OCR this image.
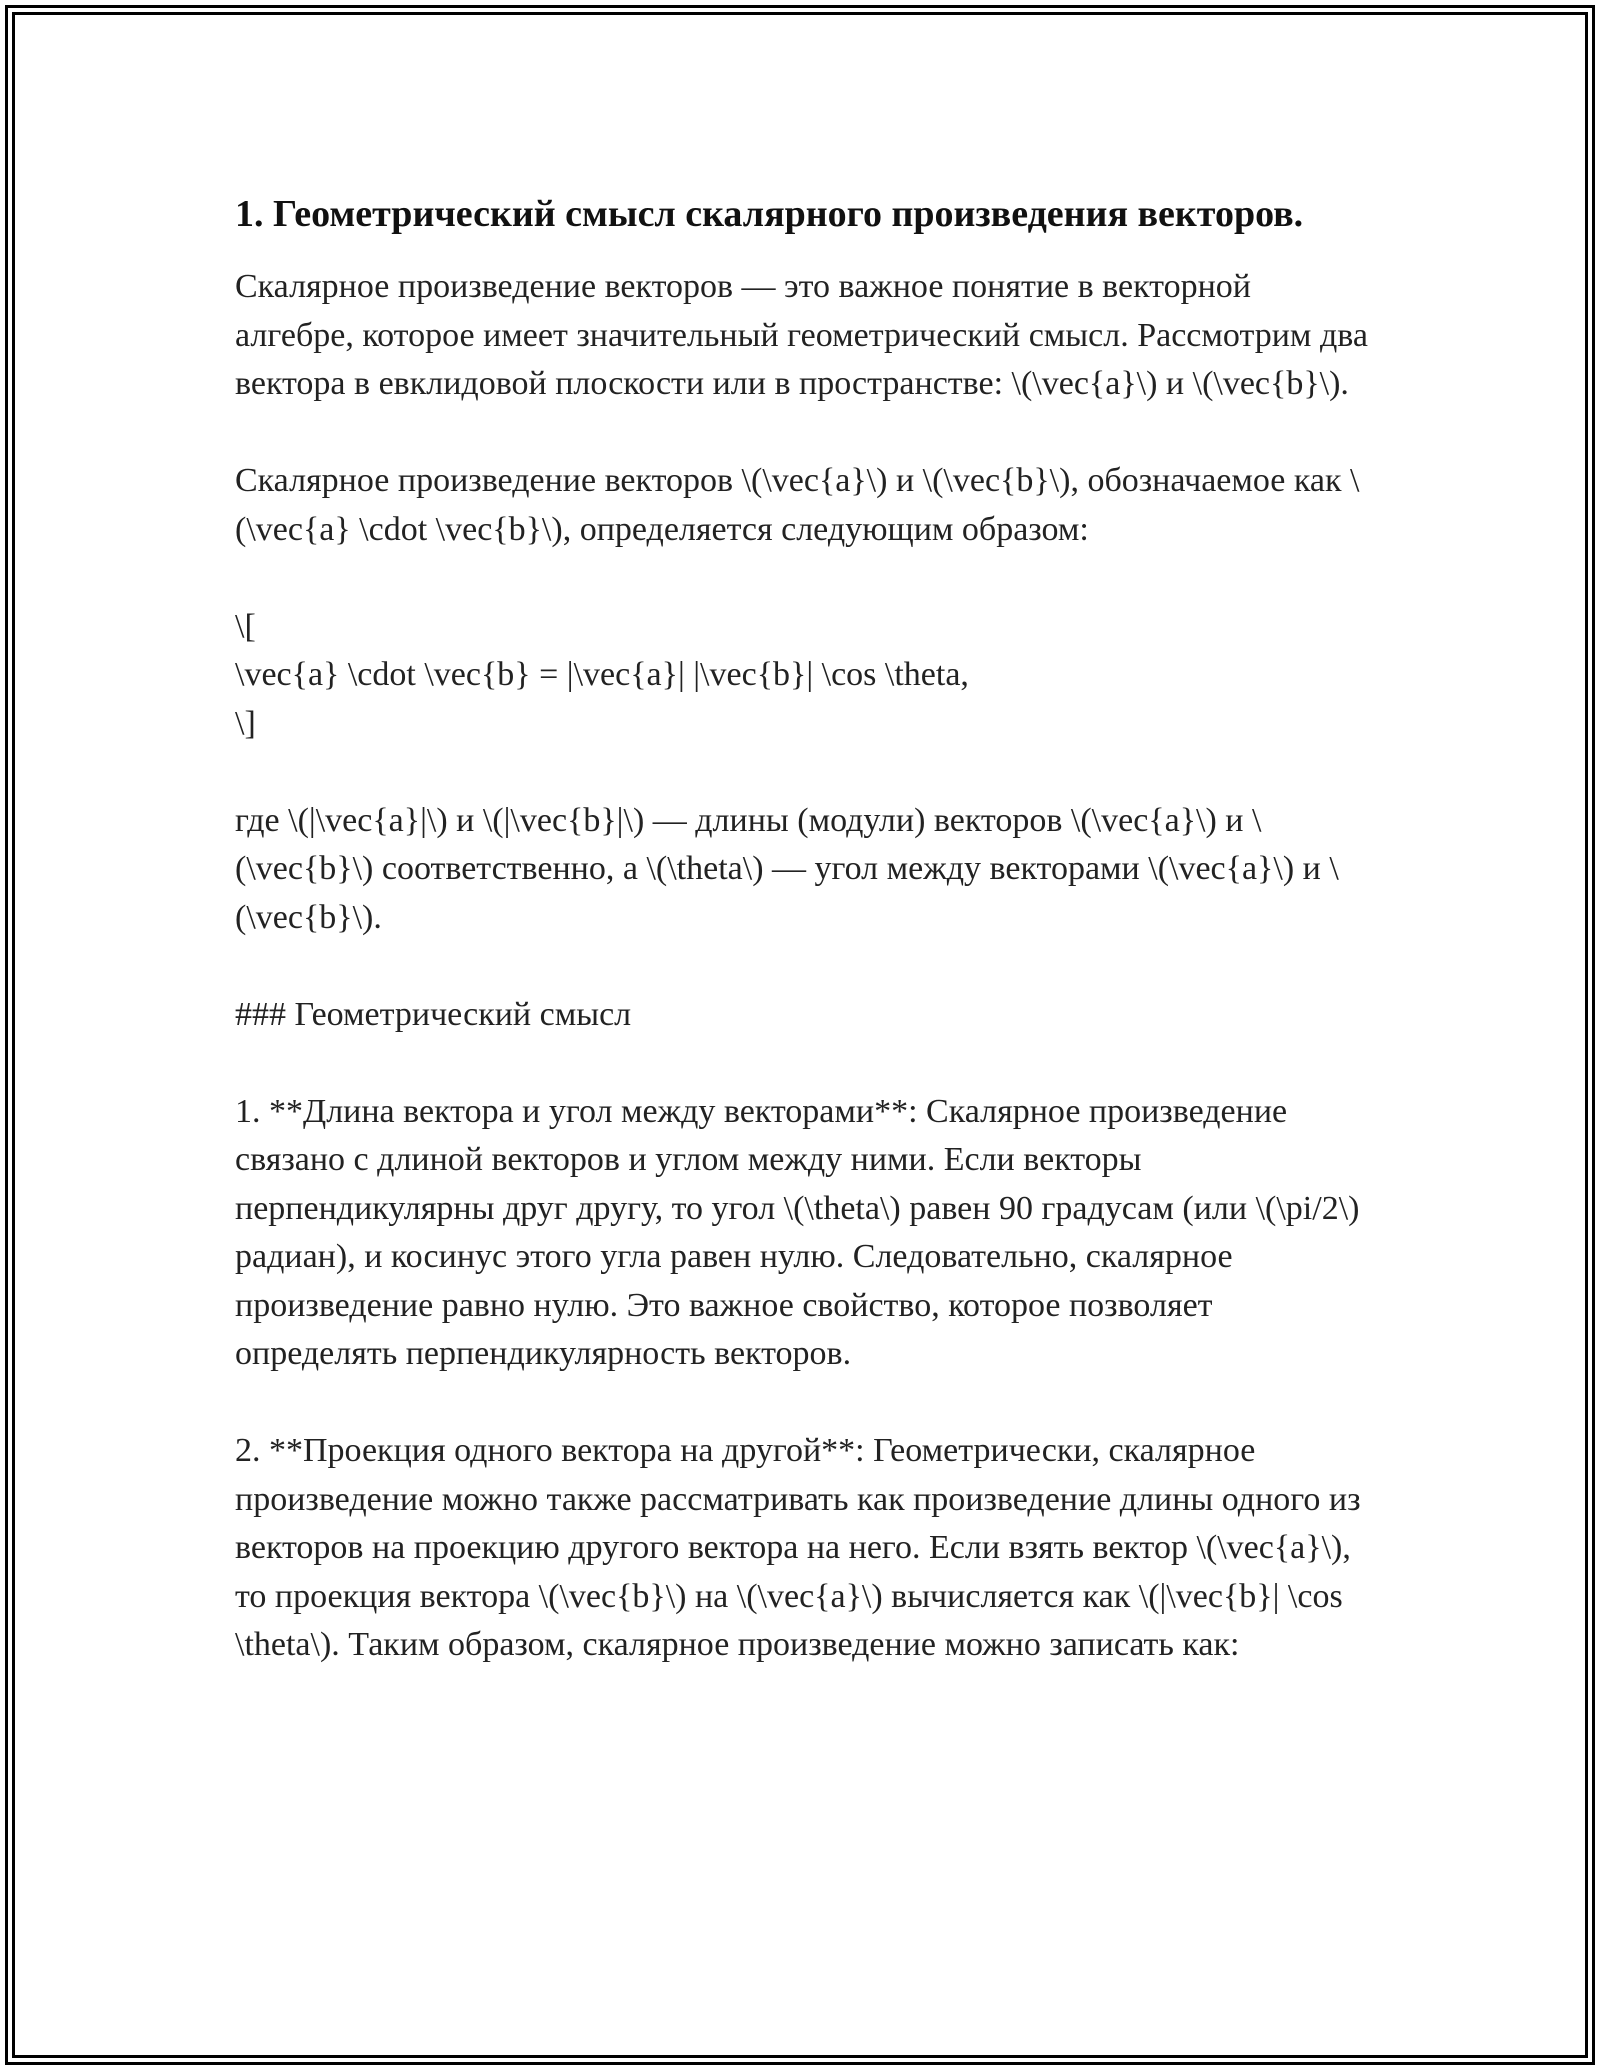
1. Геометрический смысл скалярного произведения векторов.

Скалярное произведение векторов — это важное понятие в векторной алгебре, которое имеет значительный геометрический смысл. Рассмотрим два вектора в евклидовой плоскости или в пространстве: \(\vec{a}\) и \(\vec{b}\).

Скалярное произведение векторов \(\vec{a}\) и \(\vec{b}\), обозначаемое как \(\vec{a} \cdot \vec{b}\), определяется следующим образом:

\[
\vec{a} \cdot \vec{b} = |\vec{a}| |\vec{b}| \cos \theta,
\]

где \(|\vec{a}|\) и \(|\vec{b}|\) — длины (модули) векторов \(\vec{a}\) и \(\vec{b}\) соответственно, а \(\theta\) — угол между векторами \(\vec{a}\) и \(\vec{b}\).

### Геометрический смысл

1. **Длина вектора и угол между векторами**: Скалярное произведение связано с длиной векторов и углом между ними. Если векторы перпендикулярны друг другу, то угол \(\theta\) равен 90 градусам (или \(\pi/2\) радиан), и косинус этого угла равен нулю. Следовательно, скалярное произведение равно нулю. Это важное свойство, которое позволяет определять перпендикулярность векторов.

2. **Проекция одного вектора на другой**: Геометрически, скалярное произведение можно также рассматривать как произведение длины одного из векторов на проекцию другого вектора на него. Если взять вектор \(\vec{a}\), то проекция вектора \(\vec{b}\) на \(\vec{a}\) вычисляется как \(|\vec{b}| \cos \theta\). Таким образом, скалярное произведение можно записать как:
